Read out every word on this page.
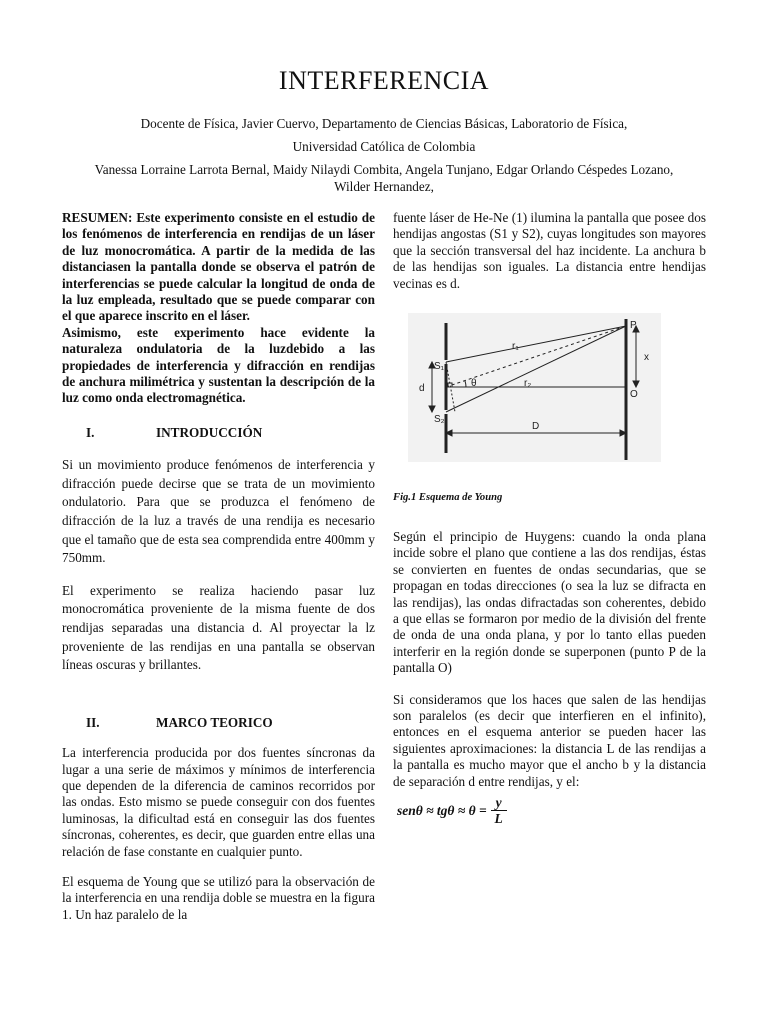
INTERFERENCIA
Docente de Física, Javier Cuervo, Departamento de Ciencias Básicas, Laboratorio de Física,
Universidad Católica de Colombia
Vanessa Lorraine Larrota Bernal, Maidy Nilaydi Combita, Angela Tunjano, Edgar Orlando Céspedes Lozano,
Wilder Hernandez,

RESUMEN: Este experimento consiste en el estudio de los fenómenos de interferencia en rendijas de un láser de luz monocromática. A partir de la medida de las distanciasen la pantalla donde se observa el patrón de interferencias se puede calcular la longitud de onda de la luz empleada, resultado que se puede comparar con el que aparece inscrito en el láser.

Asimismo, este experimento hace evidente la naturaleza ondulatoria de la luzdebido a las propiedades de interferencia y difracción en rendijas de anchura milimétrica y sustentan la descripción de la luz como onda electromagnética.

I.	INTRODUCCIÓN

Si un movimiento produce fenómenos de interferencia y difracción puede decirse que se trata de un movimiento ondulatorio. Para que se produzca el fenómeno de difracción de la luz a través de una rendija es necesario que el tamaño que de esta sea comprendida entre 400mm y 750mm.

El experimento se realiza haciendo pasar luz monocromática proveniente de la misma fuente de dos rendijas separadas una distancia d. Al proyectar la lz proveniente de las rendijas en una pantalla se observan líneas oscuras y brillantes.

II.	MARCO TEORICO

La interferencia producida por dos fuentes síncronas da lugar a una serie de máximos y mínimos de interferencia que dependen de la diferencia de caminos recorridos por las ondas. Esto mismo se puede conseguir con dos fuentes luminosas, la dificultad está en conseguir las dos fuentes síncronas, coherentes, es decir, que guarden entre ellas una relación de fase constante en cualquier punto.

El esquema de Young que se utilizó para la observación de la interferencia en una rendija doble se muestra en la figura 1. Un haz paralelo de la

fuente láser de He-Ne (1) ilumina la pantalla que posee dos hendijas angostas (S1 y S2), cuyas longitudes son mayores que la sección transversal del haz incidente. La anchura b de las hendijas son iguales. La distancia entre hendijas vecinas es d.

P
r₁
r₂
S₁
S₂
d
x
O
D
θ
Fig.1 Esquema de Young

Según el principio de Huygens: cuando la onda plana incide sobre el plano que contiene a las dos rendijas, éstas se convierten en fuentes de ondas secundarias, que se propagan en todas direcciones (o sea la luz se difracta en las rendijas), las ondas difractadas son coherentes, debido a que ellas se formaron por medio de la división del frente de onda de una onda plana, y por lo tanto ellas pueden interferir en la región donde se superponen (punto P de la pantalla O)

Si consideramos que los haces que salen de las hendijas son paralelos (es decir que interfieren en el infinito), entonces en el esquema anterior se pueden hacer las siguientes aproximaciones: la distancia L de las rendijas a la pantalla es mucho mayor que el ancho b y la distancia de separación d entre rendijas, y el:

senθ ≈ tgθ ≈ θ =
y
L
